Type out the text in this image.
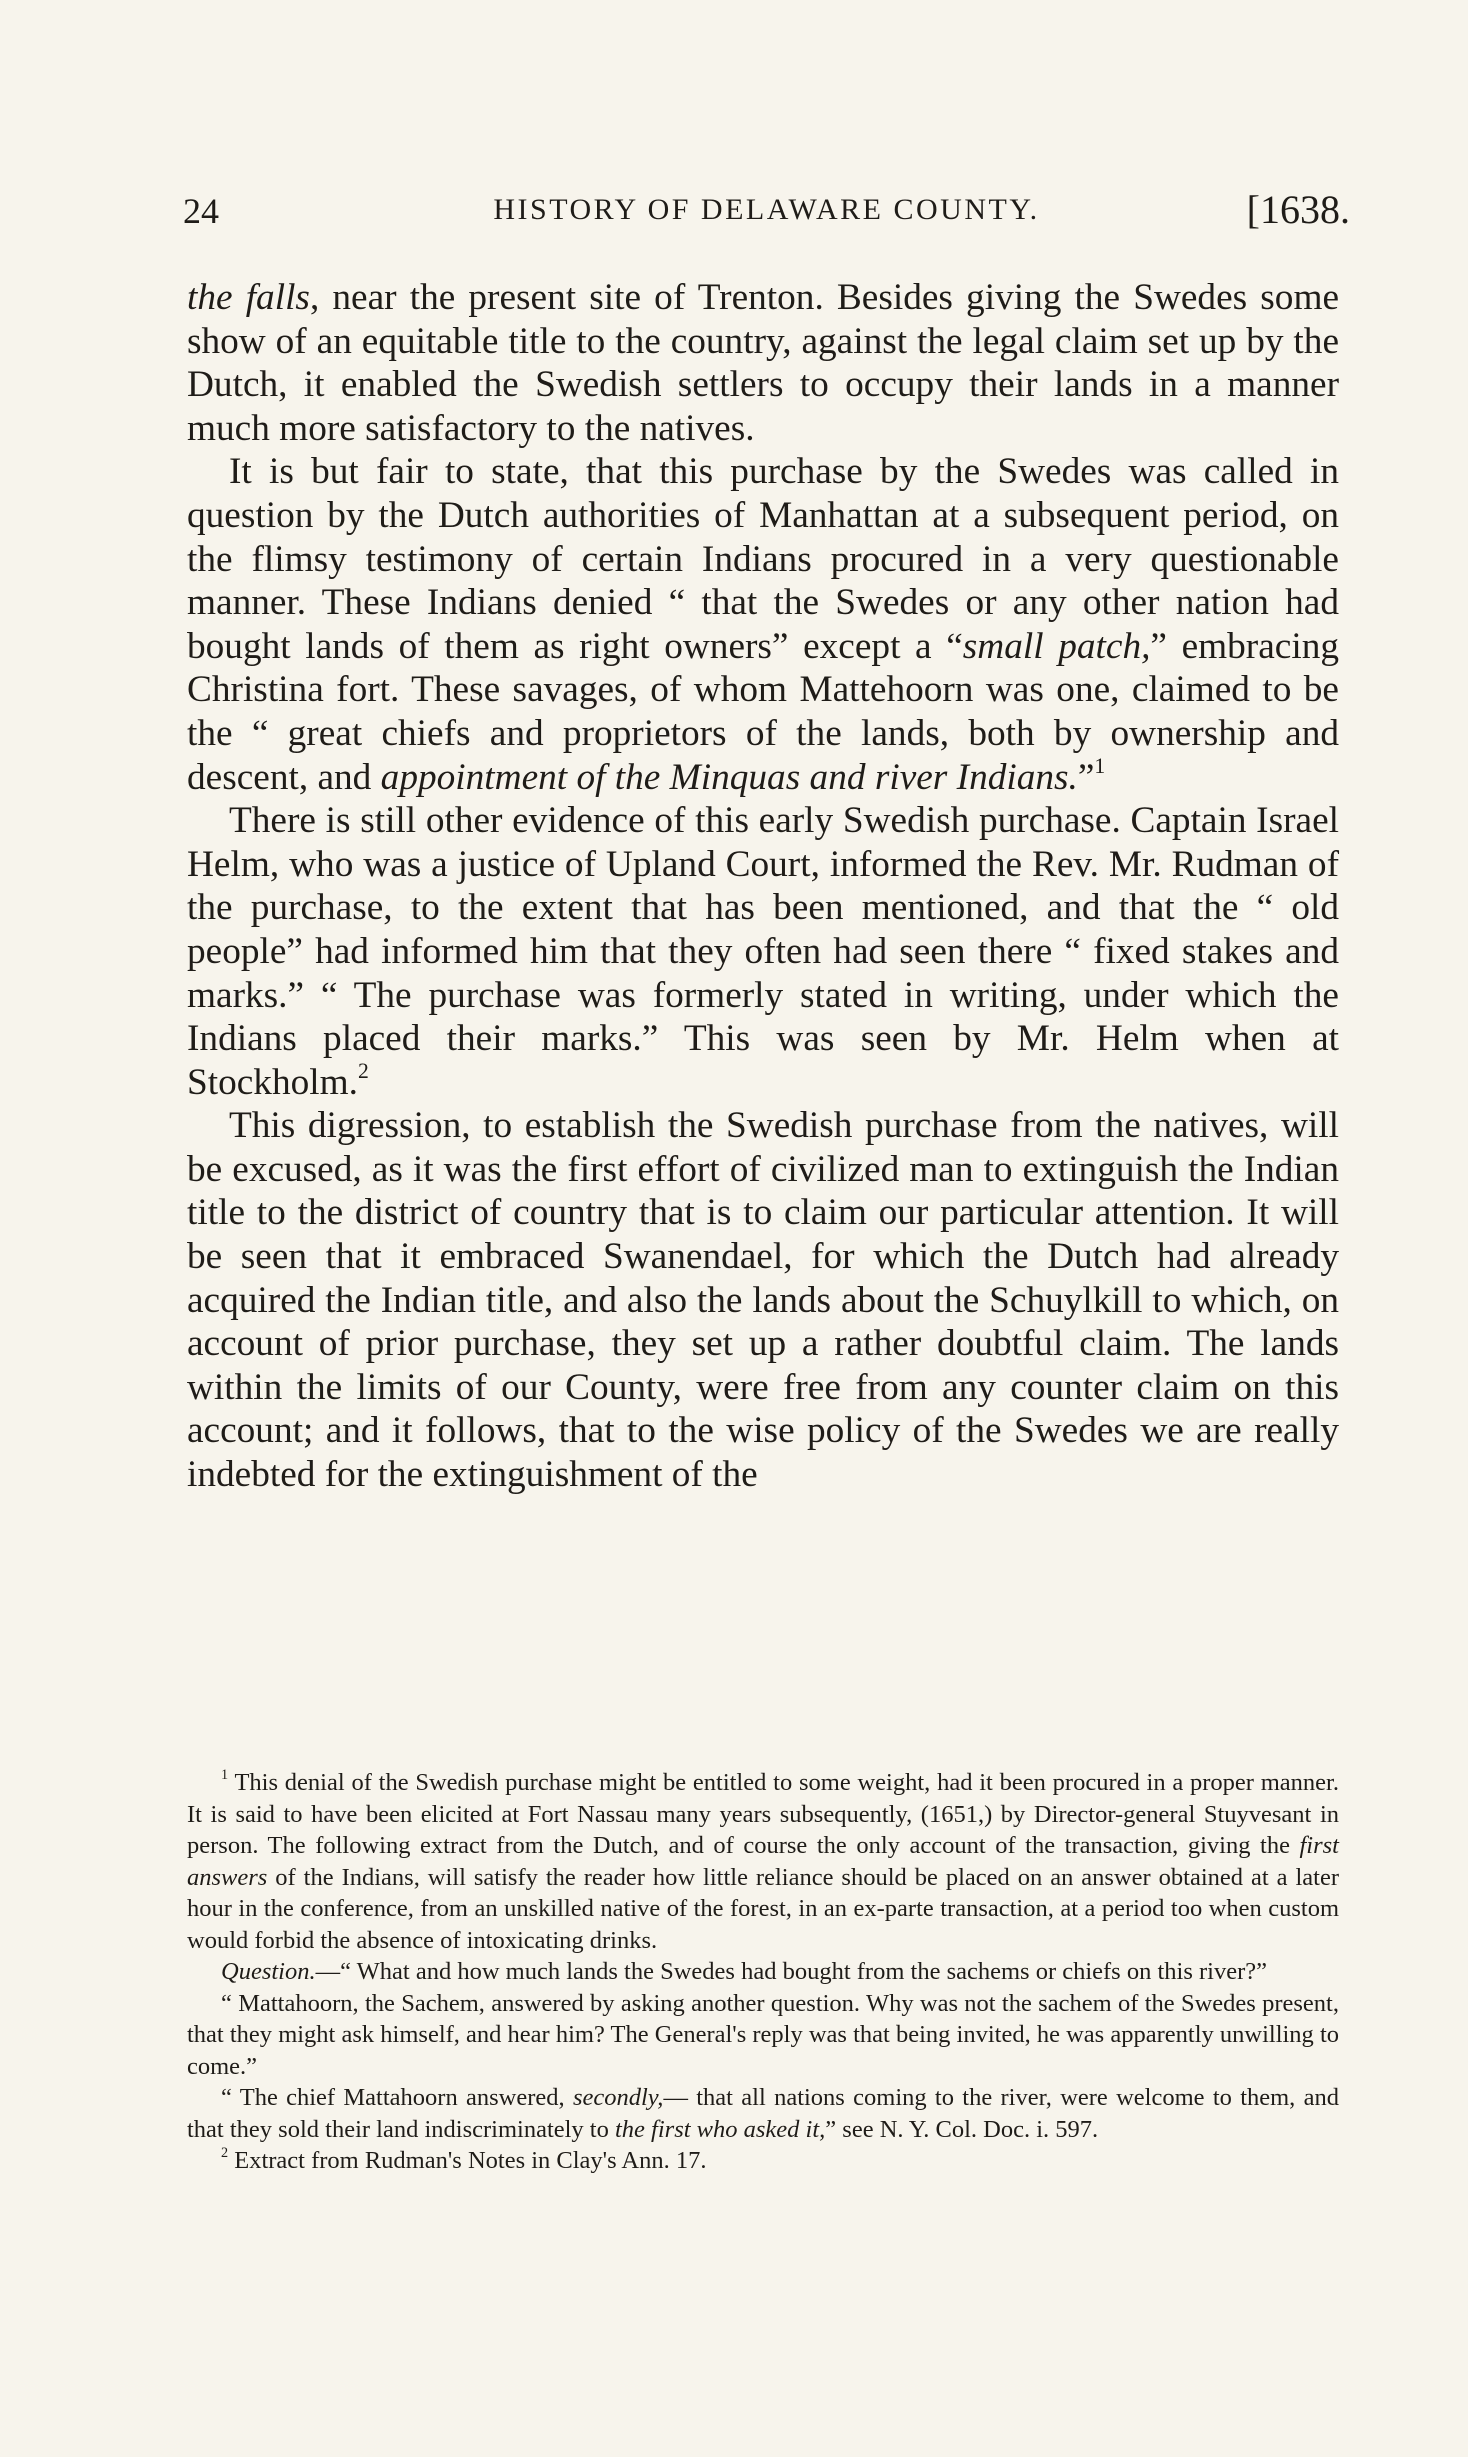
24	HISTORY OF DELAWARE COUNTY.	[1638.

the falls, near the present site of Trenton. Besides giving the Swedes some show of an equitable title to the country, against the legal claim set up by the Dutch, it enabled the Swedish settlers to occupy their lands in a manner much more satisfactory to the natives.

It is but fair to state, that this purchase by the Swedes was called in question by the Dutch authorities of Manhattan at a subsequent period, on the flimsy testimony of certain Indians procured in a very questionable manner. These Indians denied “ that the Swedes or any other nation had bought lands of them as right owners” except a “small patch,” embracing Christina fort. These savages, of whom Mattehoorn was one, claimed to be the “ great chiefs and proprietors of the lands, both by ownership and descent, and appointment of the Minquas and river Indians.”$^1$

There is still other evidence of this early Swedish purchase. Captain Israel Helm, who was a justice of Upland Court, informed the Rev. Mr. Rudman of the purchase, to the extent that has been mentioned, and that the “ old people” had informed him that they often had seen there “ fixed stakes and marks.” “ The purchase was formerly stated in writing, under which the Indians placed their marks.” This was seen by Mr. Helm when at Stockholm.$^2$

This digression, to establish the Swedish purchase from the natives, will be excused, as it was the first effort of civilized man to extinguish the Indian title to the district of country that is to claim our particular attention. It will be seen that it embraced Swanendael, for which the Dutch had already acquired the Indian title, and also the lands about the Schuylkill to which, on account of prior purchase, they set up a rather doubtful claim. The lands within the limits of our County, were free from any counter claim on this account; and it follows, that to the wise policy of the Swedes we are really indebted for the extinguishment of the

$^1$ This denial of the Swedish purchase might be entitled to some weight, had it been procured in a proper manner. It is said to have been elicited at Fort Nassau many years subsequently, (1651,) by Director-general Stuyvesant in person. The following extract from the Dutch, and of course the only account of the transaction, giving the first answers of the Indians, will satisfy the reader how little reliance should be placed on an answer obtained at a later hour in the conference, from an unskilled native of the forest, in an ex-parte transaction, at a period too when custom would forbid the absence of intoxicating drinks.

Question.—“ What and how much lands the Swedes had bought from the sachems or chiefs on this river?”

“ Mattahoorn, the Sachem, answered by asking another question. Why was not the sachem of the Swedes present, that they might ask himself, and hear him? The General's reply was that being invited, he was apparently unwilling to come.”

“ The chief Mattahoorn answered, secondly,— that all nations coming to the river, were welcome to them, and that they sold their land indiscriminately to the first who asked it,” see N. Y. Col. Doc. i. 597.

$^2$ Extract from Rudman's Notes in Clay's Ann. 17.
